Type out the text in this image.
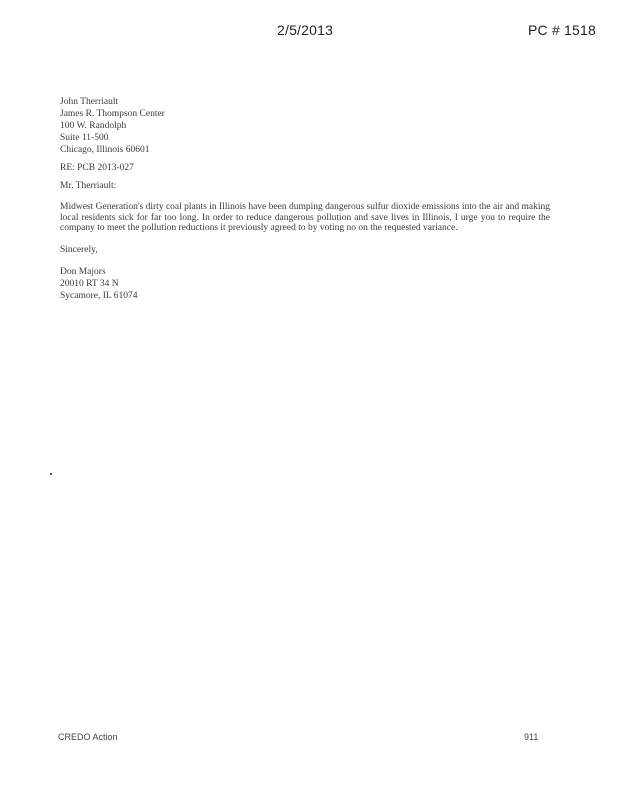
2/5/2013	PC # 1518
John Therriault
James R. Thompson Center
100 W. Randolph
Suite 11-500
Chicago, Illinois 60601
RE: PCB 2013-027
Mr. Therriault:
Midwest Generation's dirty coal plants in Illinois have been dumping dangerous sulfur dioxide emissions into the air and making local residents sick for far too long. In order to reduce dangerous pollution and save lives in Illinois, I urge you to require the company to meet the pollution reductions it previously agreed to by voting no on the requested variance.
Sincerely,
Don Majors
20010 RT 34 N
Sycamore, IL 61074
CREDO Action	911
